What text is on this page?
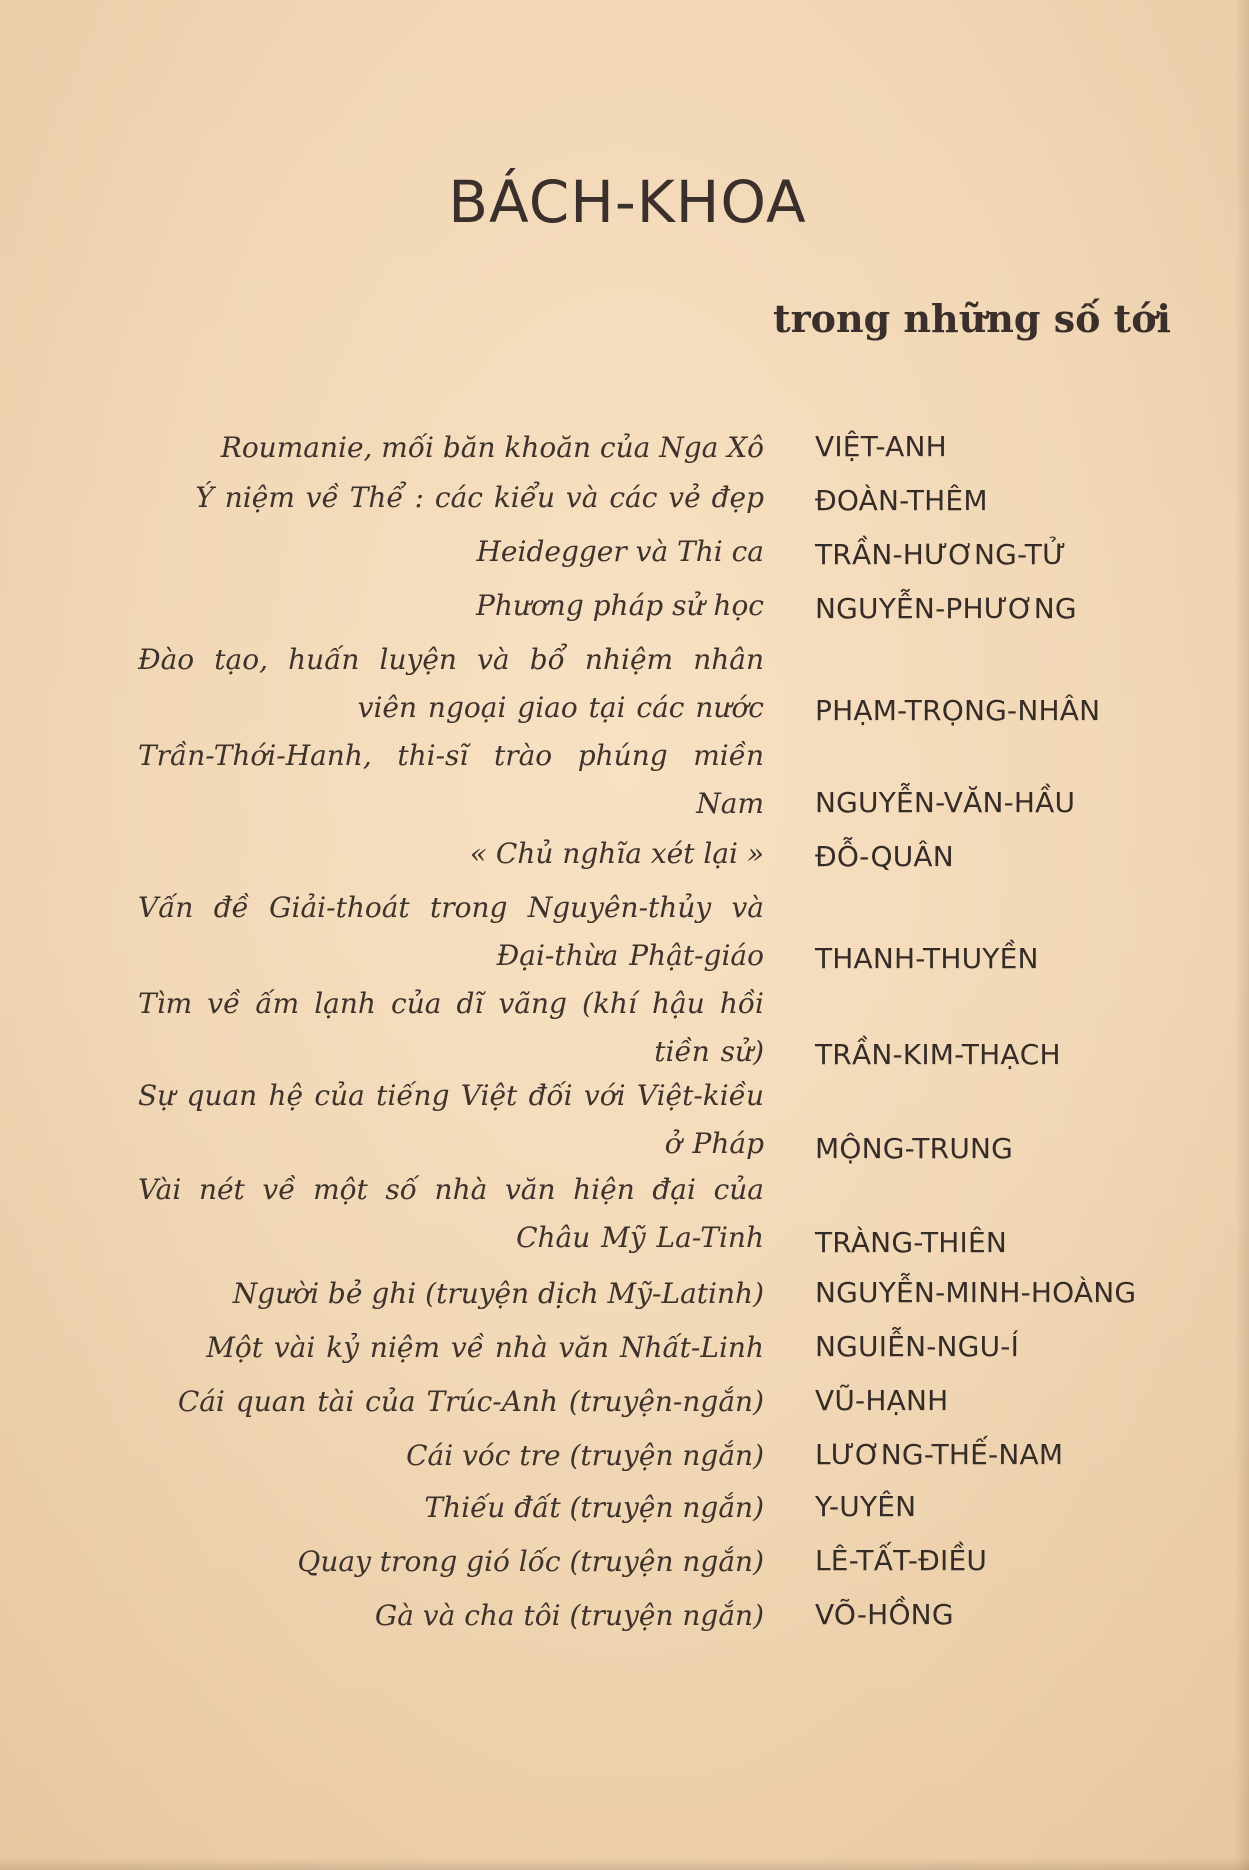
BÁCH-KHOA
trong những số tới
Roumanie, mối băn khoăn của Nga Xô VIỆT-ANH
Ý niệm về Thể : các kiểu và các vẻ đẹp ĐOÀN-THÊM
Heidegger và Thi ca TRẦN-HƯƠNG-TỬ
Phương pháp sử học NGUYỄN-PHƯƠNG
Đào tạo, huấn luyện và bổ nhiệm nhân viên ngoại giao tại các nước PHẠM-TRỌNG-NHÂN
Trần-Thới-Hanh, thi-sĩ trào phúng miền Nam NGUYỄN-VĂN-HẦU
« Chủ nghĩa xét lại » ĐỖ-QUÂN
Vấn đề Giải-thoát trong Nguyên-thủy và Đại-thừa Phật-giáo THANH-THUYỀN
Tìm về ấm lạnh của dĩ vãng (khí hậu hồi tiền sử) TRẦN-KIM-THẠCH
Sự quan hệ của tiếng Việt đối với Việt-kiều ở Pháp MỘNG-TRUNG
Vài nét về một số nhà văn hiện đại của Châu Mỹ La-Tinh TRÀNG-THIÊN
Người bẻ ghi (truyện dịch Mỹ-Latinh) NGUYỄN-MINH-HOÀNG
Một vài kỷ niệm về nhà văn Nhất-Linh NGUIỄN-NGU-Í
Cái quan tài của Trúc-Anh (truyện-ngắn) VŨ-HẠNH
Cái vóc tre (truyện ngắn) LƯƠNG-THẾ-NAM
Thiếu đất (truyện ngắn) Y-UYÊN
Quay trong gió lốc (truyện ngắn) LÊ-TẤT-ĐIỀU
Gà và cha tôi (truyện ngắn) VÕ-HỒNG
